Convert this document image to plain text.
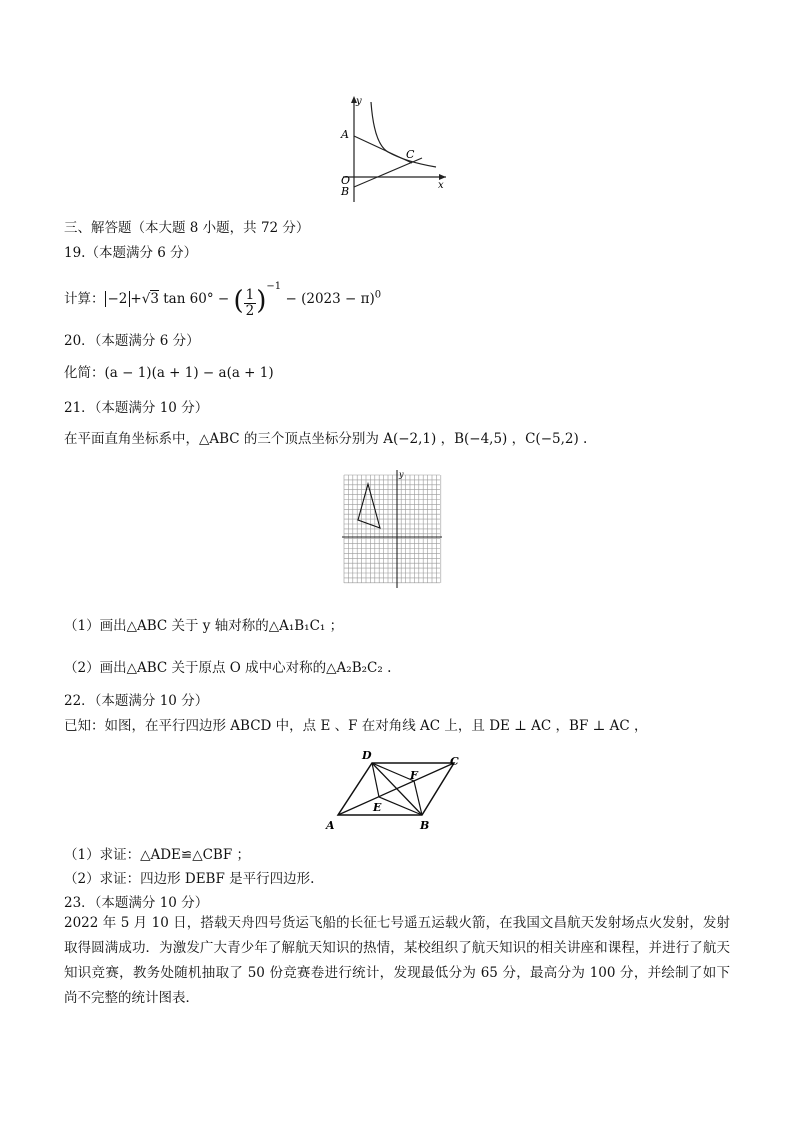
y
x
A
C
O
B
三、解答题（本大题 8 小题，共 72 分）
19.（本题满分 6 分）
计算： −2 +√3 tan 60° − ( $\frac{1}{2} )^{-1} - (2023 - \pi)^0$
20．（本题满分 6 分）
化简：(a − 1)(a + 1) − a(a + 1)
21．（本题满分 10 分）
在平面直角坐标系中，△ABC 的三个顶点坐标分别为 A(−2,1) ，B(−4,5) ，C(−5,2) .
y
（1）画出△ABC 关于 y 轴对称的△A₁B₁C₁ ；
（2）画出△ABC 关于原点 O 成中心对称的△A₂B₂C₂ .
22．（本题满分 10 分）
已知：如图，在平行四边形 ABCD 中，点 E 、F 在对角线 AC 上，且 DE ⊥ AC ，BF ⊥ AC ，
A	B
C
D
E
F
（1）求证：△ADE≌△CBF ；
（2）求证：四边形 DEBF 是平行四边形.
23．（本题满分 10 分）
2022 年 5 月 10 日，搭载天舟四号货运飞船的长征七号遥五运载火箭，在我国文昌航天发射场点火发射，发射取得圆满成功．为激发广大青少年了解航天知识的热情，某校组织了航天知识的相关讲座和课程，并进行了航天知识竞赛，教务处随机抽取了 50 份竞赛卷进行统计，发现最低分为 65 分，最高分为 100 分，并绘制了如下尚不完整的统计图表．
